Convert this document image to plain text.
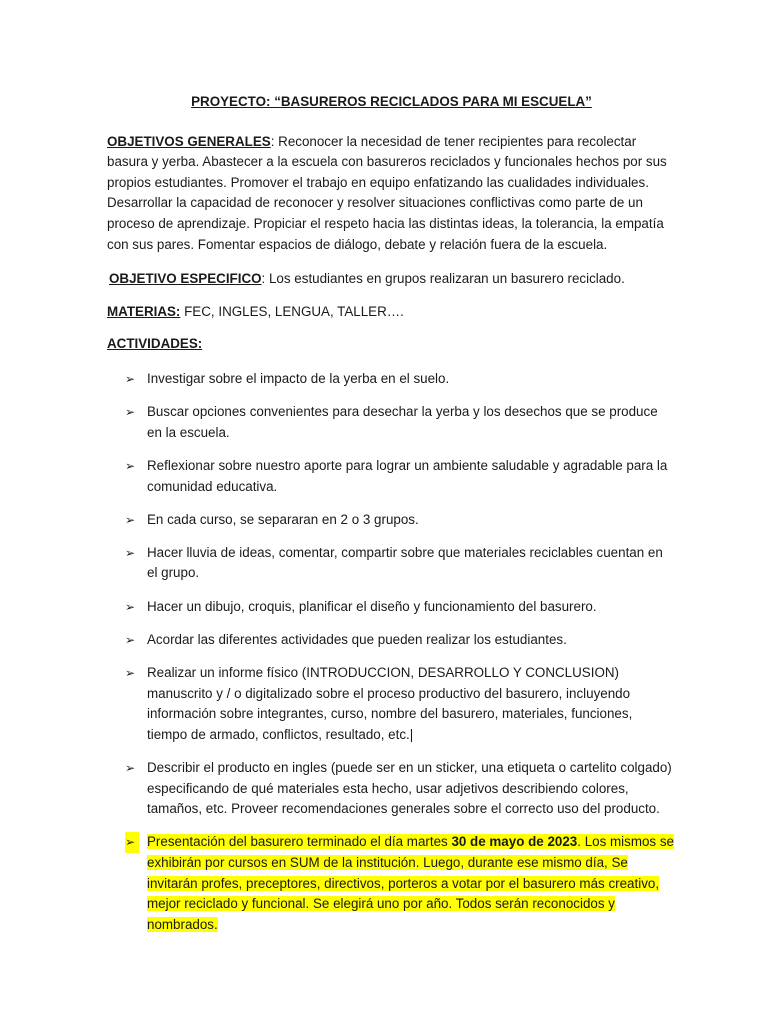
PROYECTO: “BASUREROS RECICLADOS PARA MI ESCUELA”

OBJETIVOS GENERALES: Reconocer la necesidad de tener recipientes para recolectar basura y yerba. Abastecer a la escuela con basureros reciclados y funcionales hechos por sus propios estudiantes. Promover el trabajo en equipo enfatizando las cualidades individuales. Desarrollar la capacidad de reconocer y resolver situaciones conflictivas como parte de un proceso de aprendizaje. Propiciar el respeto hacia las distintas ideas, la tolerancia, la empatía con sus pares. Fomentar espacios de diálogo, debate y relación fuera de la escuela.

OBJETIVO ESPECIFICO: Los estudiantes en grupos realizaran un basurero reciclado.

MATERIAS: FEC, INGLES, LENGUA, TALLER….

ACTIVIDADES:

➢ Investigar sobre el impacto de la yerba en el suelo.
➢ Buscar opciones convenientes para desechar la yerba y los desechos que se produce en la escuela.
➢ Reflexionar sobre nuestro aporte para lograr un ambiente saludable y agradable para la comunidad educativa.
➢ En cada curso, se separaran en 2 o 3 grupos.
➢ Hacer lluvia de ideas, comentar, compartir sobre que materiales reciclables cuentan en el grupo.
➢ Hacer un dibujo, croquis, planificar el diseño y funcionamiento del basurero.
➢ Acordar las diferentes actividades que pueden realizar los estudiantes.
➢ Realizar un informe físico (INTRODUCCION, DESARROLLO Y CONCLUSION) manuscrito y / o digitalizado sobre el proceso productivo del basurero, incluyendo información sobre integrantes, curso, nombre del basurero, materiales, funciones, tiempo de armado, conflictos, resultado, etc.|
➢ Describir el producto en ingles (puede ser en un sticker, una etiqueta o cartelito colgado) especificando de qué materiales esta hecho, usar adjetivos describiendo colores, tamaños, etc. Proveer recomendaciones generales sobre el correcto uso del producto.
➢ Presentación del basurero terminado el día martes 30 de mayo de 2023. Los mismos se exhibirán por cursos en SUM de la institución. Luego, durante ese mismo día, Se invitarán profes, preceptores, directivos, porteros a votar por el basurero más creativo, mejor reciclado y funcional. Se elegirá uno por año. Todos serán reconocidos y nombrados.
